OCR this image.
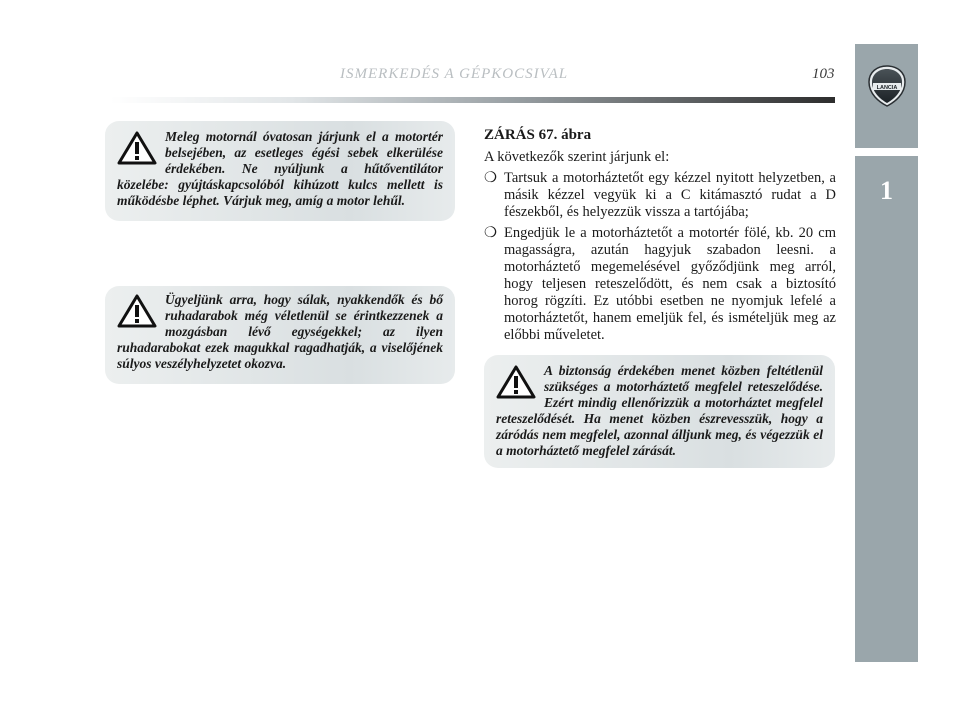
ISMERKEDÉS A GÉPKOCSIVAL	103
LANCIA
1
Meleg motornál óvatosan járjunk el a motortér belsejében, az esetleges égési sebek elkerülése érdekében. Ne nyúljunk a hűtőventilátor közelébe: gyújtáskapcsolóból kihúzott kulcs mellett is működésbe léphet. Várjuk meg, amíg a motor lehűl.
Ügyeljünk arra, hogy sálak, nyakkendők és bő ruhadarabok még véletlenül se érintkezzenek a mozgásban lévő egységekkel; az ilyen ruhadarabokat ezek magukkal ragadhatják, a viselőjének súlyos veszélyhelyzetet okozva.
ZÁRÁS 67. ábra
A következők szerint járjunk el:
❍ Tartsuk a motorháztetőt egy kézzel nyitott helyzetben, a másik kézzel vegyük ki a C kitámasztó rudat a D fészekből, és helyezzük vissza a tartójába;
❍ Engedjük le a motorháztetőt a motortér fölé, kb. 20 cm magasságra, azután hagyjuk szabadon leesni. a motorháztető megemelésével győződjünk meg arról, hogy teljesen reteszelődött, és nem csak a biztosító horog rögzíti. Ez utóbbi esetben ne nyomjuk lefelé a motorháztetőt, hanem emeljük fel, és ismételjük meg az előbbi műveletet.
A biztonság érdekében menet közben feltétlenül szükséges a motorháztető megfelel reteszelődése. Ezért mindig ellenőrizzük a motorháztet megfelel reteszelődését. Ha menet közben észrevesszük, hogy a záródás nem megfelel, azonnal álljunk meg, és végezzük el a motorháztető megfelel zárását.
